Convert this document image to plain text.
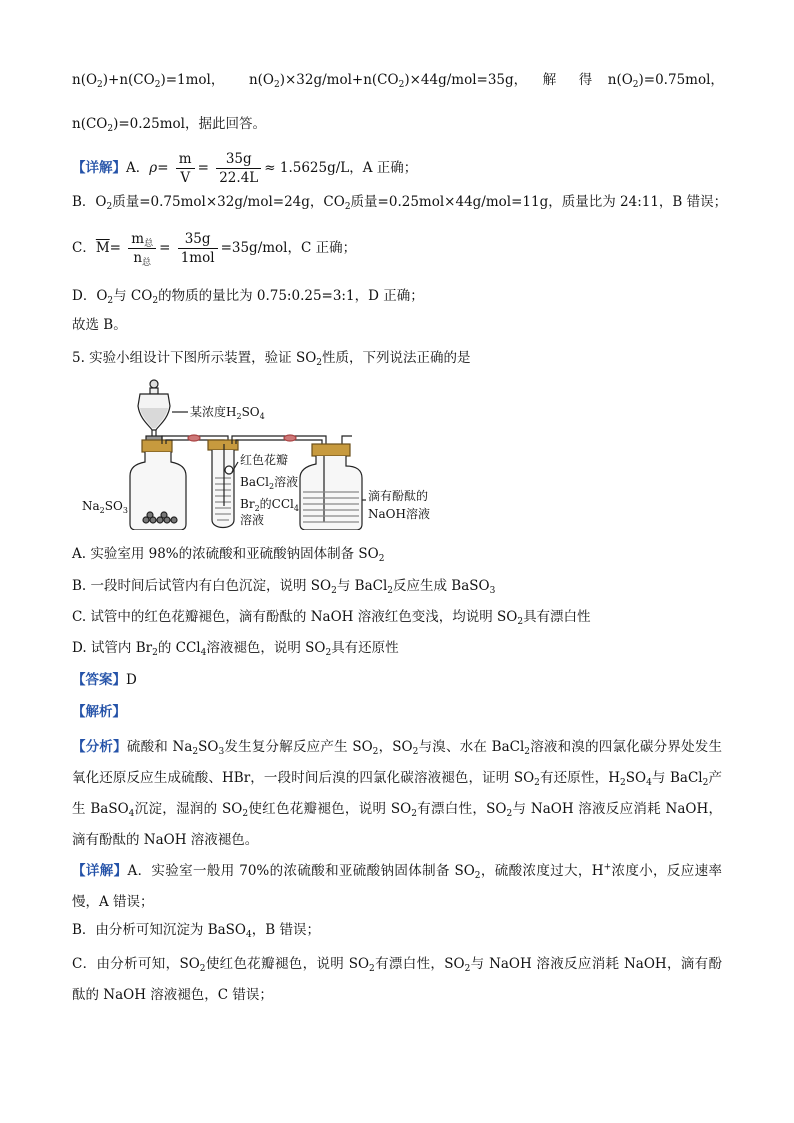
$n(O_2)+n(CO_2)=1mol$， $n(O_2)\times 32g/mol+n(CO_2)\times 44g/mol=35g$， 解 得 $n(O_2)=0.75mol$，
$n(CO_2)=0.25mol$，据此回答。
【详解】A．$\rho= \frac{m}{V} = \frac{35g}{22.4L} \approx 1.5625g/L$，A 正确；
B．$O_2$质量=0.75mol×32g/mol=24g，$CO_2$质量=0.25mol×44g/mol=11g，质量比为 24:11，B 错误；
C．$\overline{M}= \frac{m_总}{n_总} = \frac{35g}{\text{1mol}} =35g/mol$，C 正确；
D．$O_2$与 $CO_2$的物质的量比为 0.75:0.25=3:1，D 正确；
故选 B。
5. 实验小组设计下图所示装置，验证 $SO_2$性质，下列说法正确的是
某浓度$H_2SO_4$
红色花瓣
BaCl$_2$溶液
$Br_2$的CCl$_4$
溶液
$Na_2SO_3$
滴有酚酞的
NaOH溶液
A. 实验室用 98%的浓硫酸和亚硫酸钠固体制备 $SO_2$
B. 一段时间后试管内有白色沉淀，说明 $SO_2$与 BaCl$_2$反应生成 BaSO$_3$
C. 试管中的红色花瓣褪色，滴有酚酞的 NaOH 溶液红色变浅，均说明 $SO_2$具有漂白性
D. 试管内 $Br_2$的 CCl$_4$溶液褪色，说明 $SO_2$具有还原性
【答案】D
【解析】
【分析】硫酸和 $Na_2SO_3$发生复分解反应产生 $SO_2$，$SO_2$与溴、水在 BaCl$_2$溶液和溴的四氯化碳分界处发生氧化还原反应生成硫酸、HBr，一段时间后溴的四氯化碳溶液褪色，证明 $SO_2$有还原性，$H_2SO_4$与 BaCl$_2$产生 BaSO$_4$沉淀，湿润的 $SO_2$使红色花瓣褪色，说明 $SO_2$有漂白性，$SO_2$与 NaOH 溶液反应消耗 NaOH，滴有酚酞的 NaOH 溶液褪色。
【详解】A．实验室一般用 70%的浓硫酸和亚硫酸钠固体制备 $SO_2$，硫酸浓度过大，H+浓度小，反应速率慢，A 错误；
B．由分析可知沉淀为 BaSO$_4$，B 错误；
C．由分析可知，$SO_2$使红色花瓣褪色，说明 $SO_2$有漂白性，$SO_2$与 NaOH 溶液反应消耗 NaOH，滴有酚酞的 NaOH 溶液褪色，C 错误；
